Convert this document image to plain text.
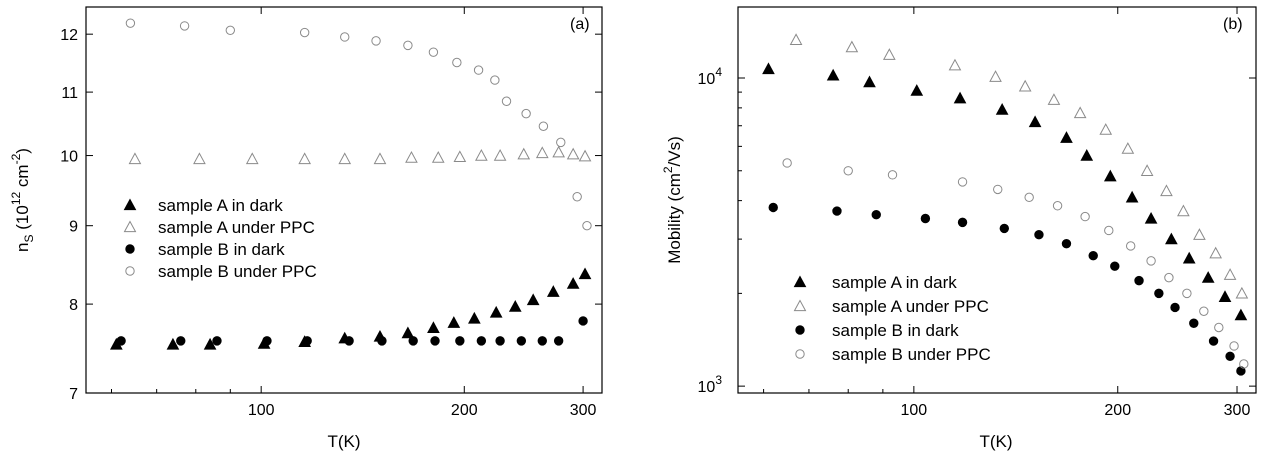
(a)
100	200	300
7
8
9
10
11
12
T(K)
$n_S$ ($10^{12}$ $cm^{-2}$)
sample A in dark
sample A under PPC
sample B in dark
sample B under PPC
(b)
100	200	300
$10^3$
$10^4$
T(K)
Mobility $(cm^2/Vs)$
sample A in dark
sample A under PPC
sample B in dark
sample B under PPC
